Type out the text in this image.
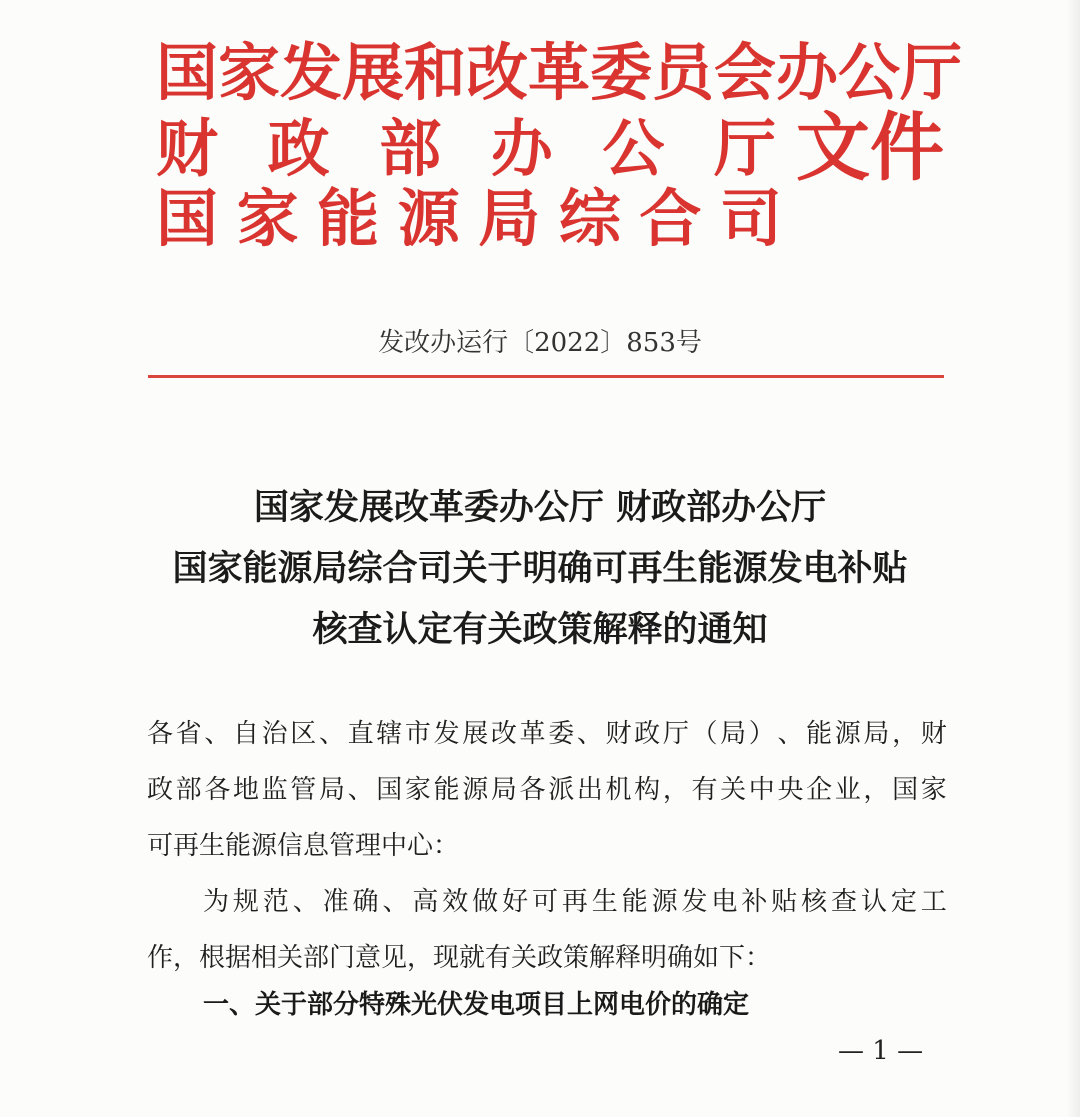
国家发展和改革委员会办公厅
财 政 部 办 公 厅 文件
国 家 能 源 局 综 合 司
发改办运行〔2022〕853号
国家发展改革委办公厅 财政部办公厅
国家能源局综合司关于明确可再生能源发电补贴
核查认定有关政策解释的通知
各 省 、 自 治 区 、 直 辖 市 发 展 改 革 委 、 财 政 厅 （ 局 ） 、 能 源 局 ， 财
政 部 各 地 监 管 局 、 国 家 能 源 局 各 派 出 机 构 ， 有 关 中 央 企 业 ， 国 家
可再生能源信息管理中心：
为 规 范 、 准 确 、 高 效 做 好 可 再 生 能 源 发 电 补 贴 核 查 认 定 工
作，根据相关部门意见，现就有关政策解释明确如下：
一、关于部分特殊光伏发电项目上网电价的确定
— 1 —
